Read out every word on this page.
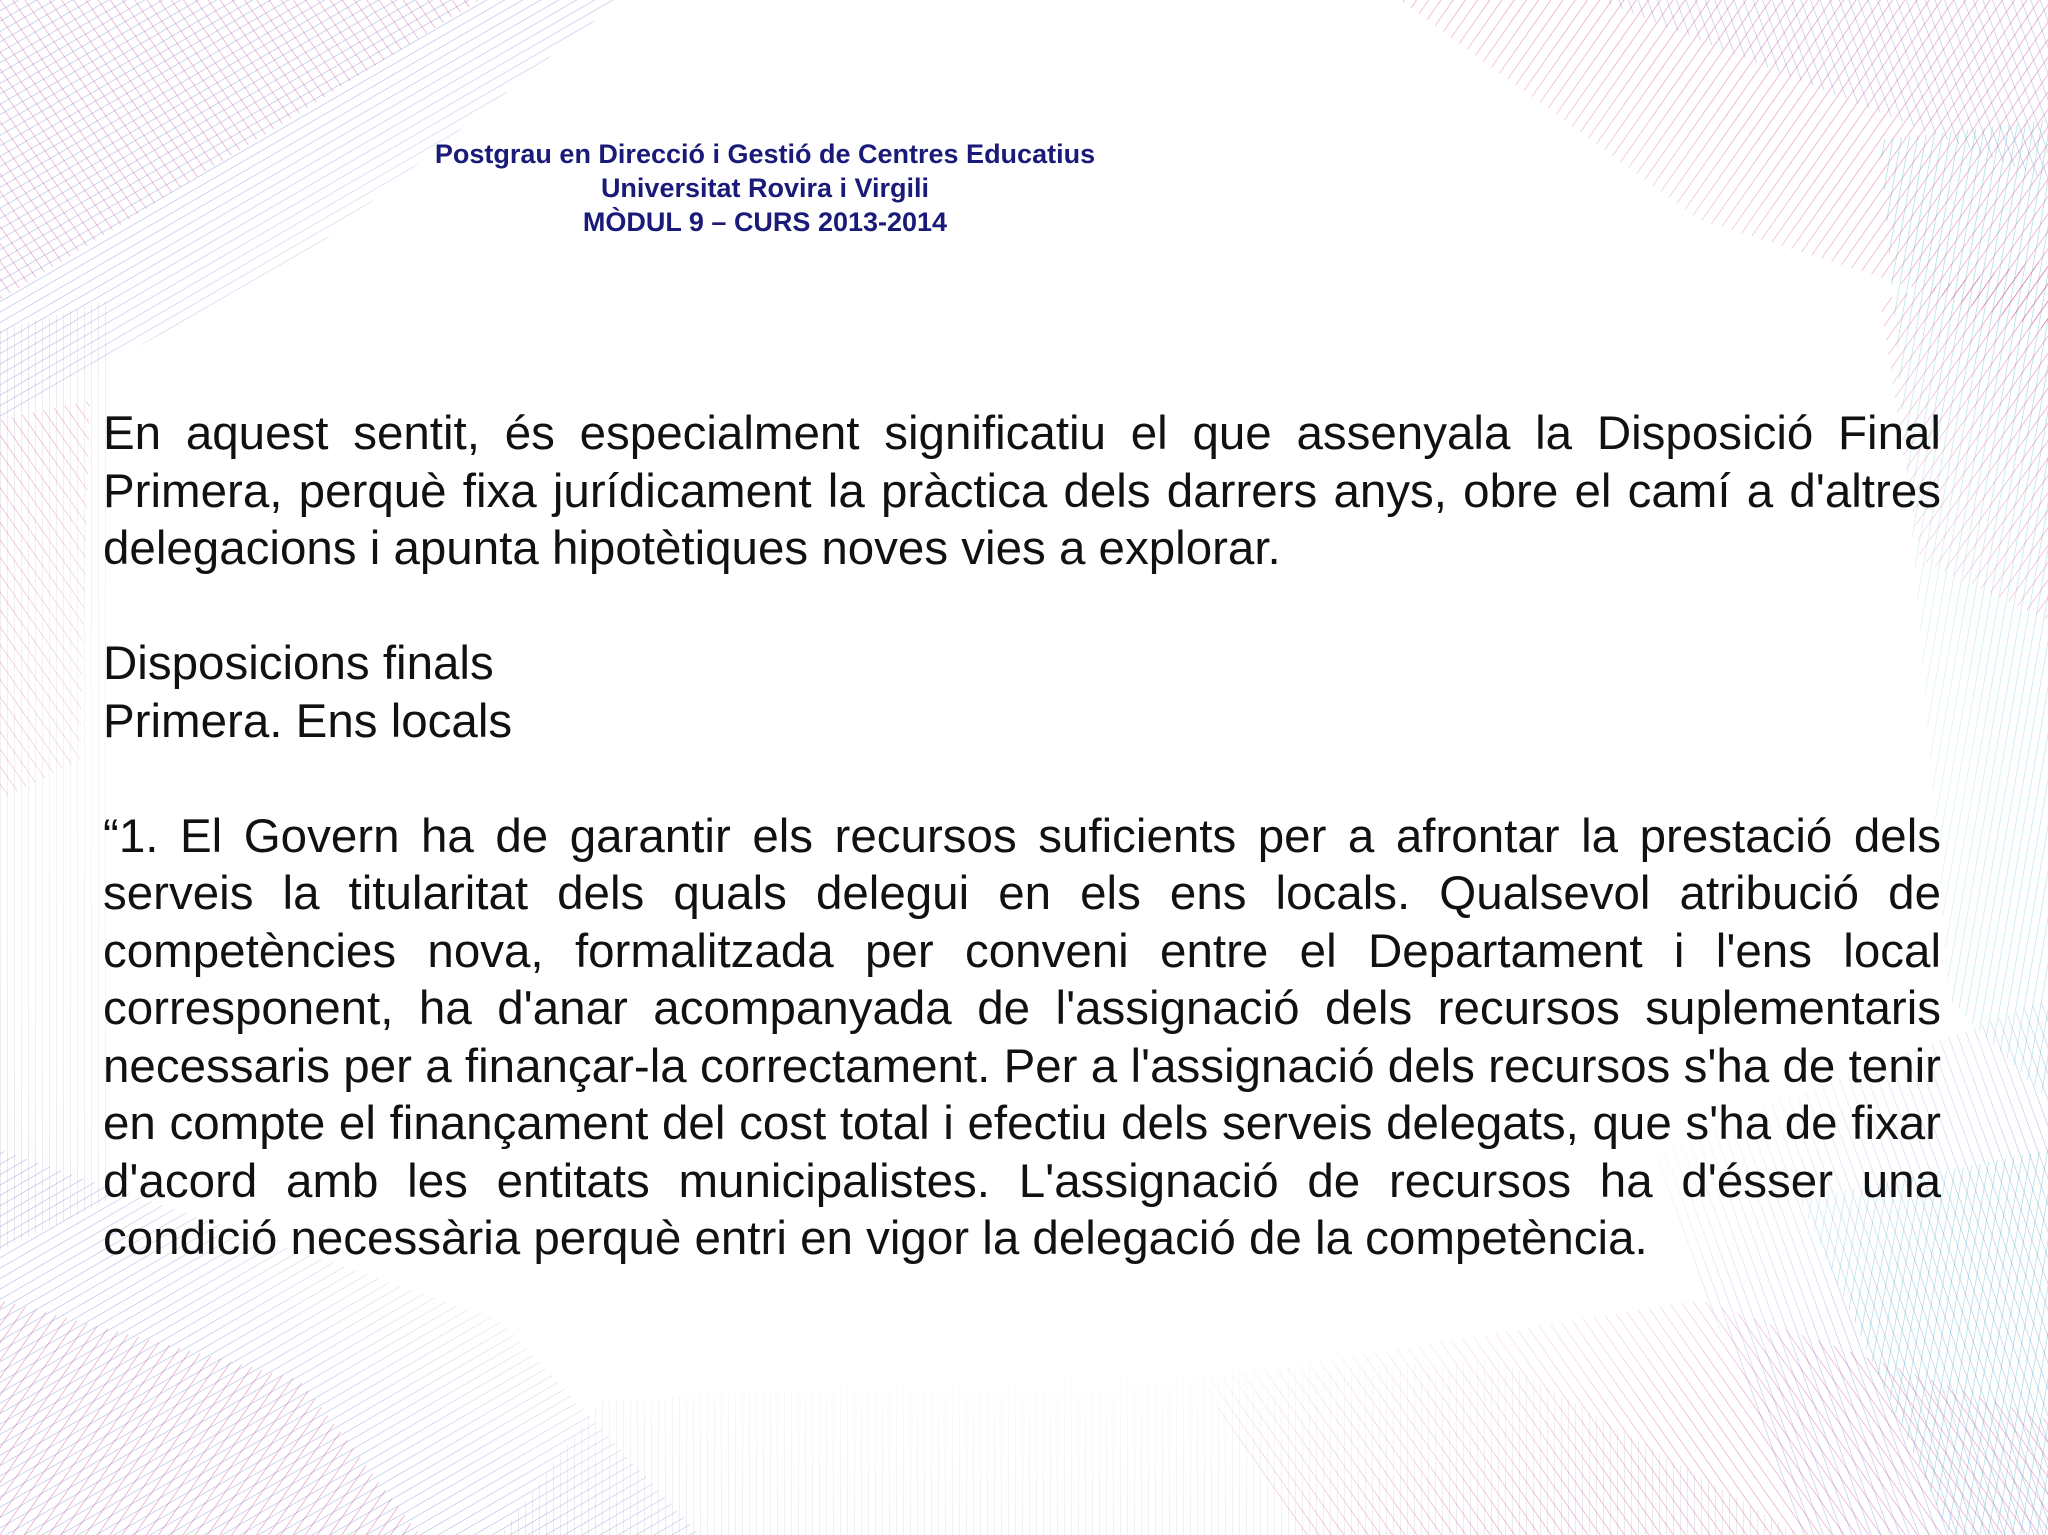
Postgrau en Direcció i Gestió de Centres Educatius
Universitat Rovira i Virgili
MÒDUL 9 – CURS 2013-2014

En aquest sentit, és especialment significatiu el que assenyala la Disposició Final Primera, perquè fixa jurídicament la pràctica dels darrers anys, obre el camí a d'altres delegacions i apunta hipotètiques noves vies a explorar.

Disposicions finals

Primera. Ens locals

“1. El Govern ha de garantir els recursos suficients per a afrontar la prestació dels serveis la titularitat dels quals delegui en els ens locals. Qualsevol atribució de competències nova, formalitzada per conveni entre el Departament i l'ens local corresponent, ha d'anar acompanyada de l'assignació dels recursos suplementaris necessaris per a finançar-la correctament. Per a l'assignació dels recursos s'ha de tenir en compte el finançament del cost total i efectiu dels serveis delegats, que s'ha de fixar d'acord amb les entitats municipalistes. L'assignació de recursos ha d'ésser una condició necessària perquè entri en vigor la delegació de la competència.
